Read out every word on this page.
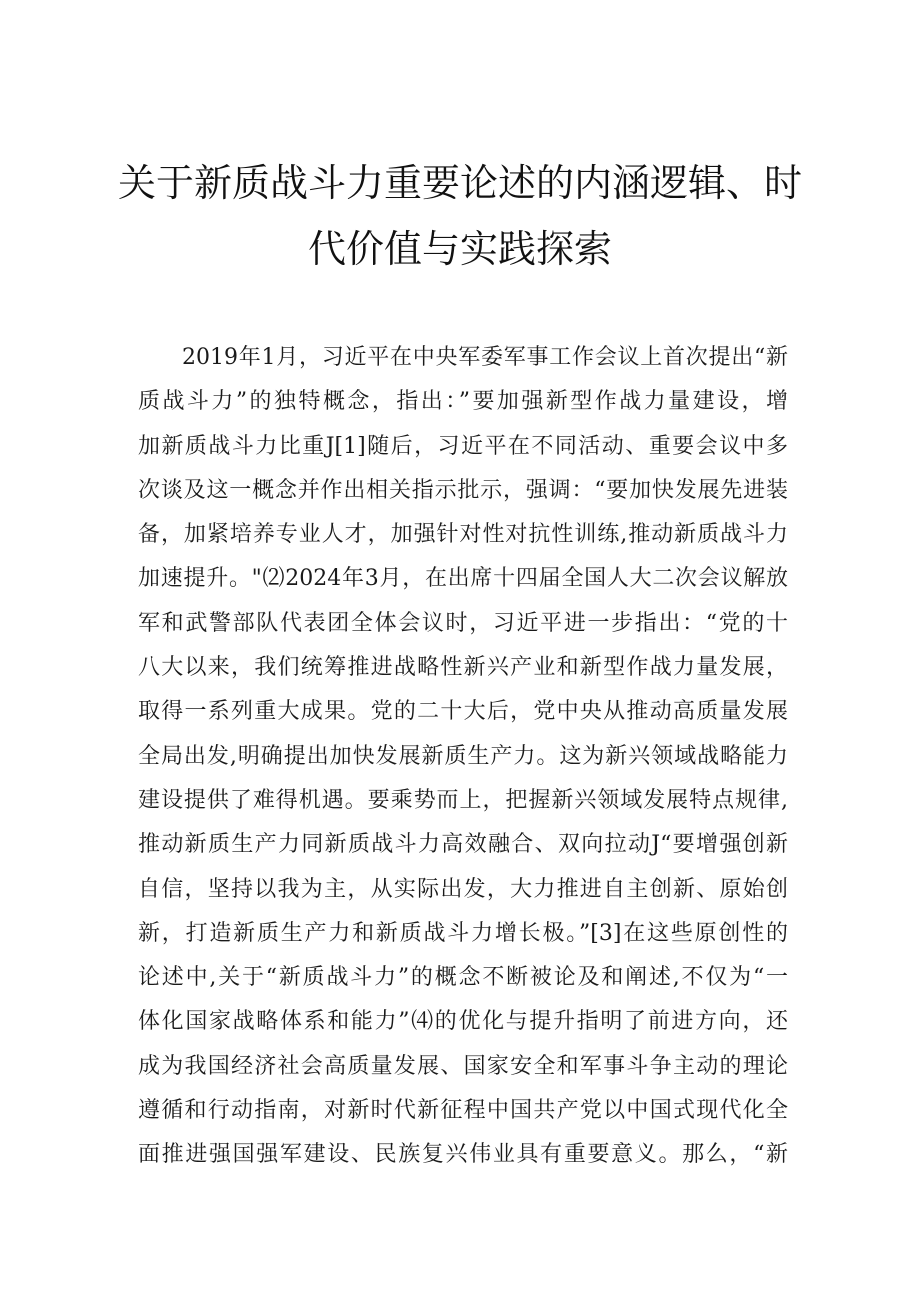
关于新质战斗力重要论述的内涵逻辑、时
代价值与实践探索
2019年1月，习近平在中央军委军事工作会议上首次提出“新
质战斗力”的独特概念，指出：”要加强新型作战力量建设，增
加新质战斗力比重J[1]随后，习近平在不同活动、重要会议中多
次谈及这一概念并作出相关指示批示，强调：“要加快发展先进装
备，加紧培养专业人才，加强针对性对抗性训练,推动新质战斗力
加速提升。"⑵2024年3月，在出席十四届全国人大二次会议解放
军和武警部队代表团全体会议时，习近平进一步指出：“党的十
八大以来，我们统筹推进战略性新兴产业和新型作战力量发展，
取得一系列重大成果。党的二十大后，党中央从推动高质量发展
全局出发,明确提出加快发展新质生产力。这为新兴领域战略能力
建设提供了难得机遇。要乘势而上，把握新兴领域发展特点规律,
推动新质生产力同新质战斗力高效融合、双向拉动J“要增强创新
自信，坚持以我为主，从实际出发，大力推进自主创新、原始创
新，打造新质生产力和新质战斗力增长极。”[3]在这些原创性的
论述中,关于“新质战斗力”的概念不断被论及和阐述,不仅为“一
体化国家战略体系和能力”⑷的优化与提升指明了前进方向，还
成为我国经济社会高质量发展、国家安全和军事斗争主动的理论
遵循和行动指南，对新时代新征程中国共产党以中国式现代化全
面推进强国强军建设、民族复兴伟业具有重要意义。那么，“新
